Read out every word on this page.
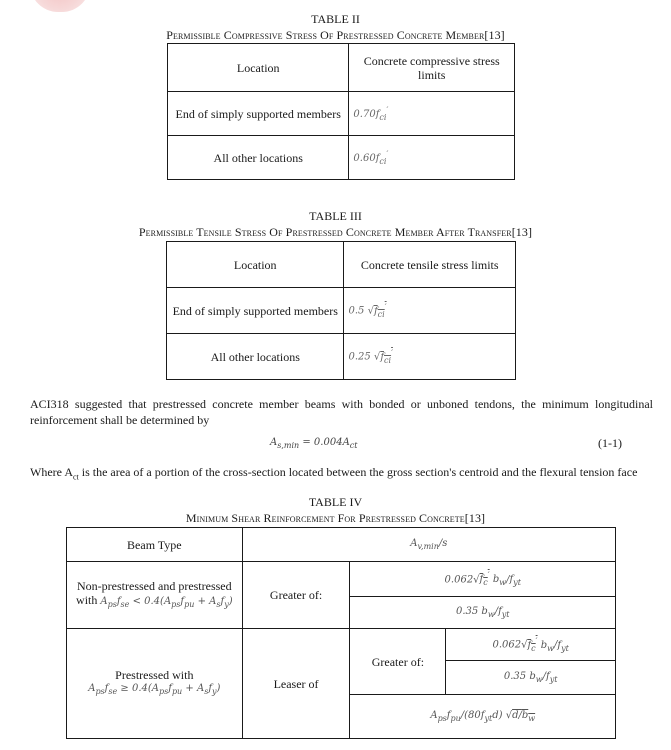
TABLE II
Permissible Compressive Stress Of Prestressed Concrete Member[13]
Location	Concrete compressive stress limits
End of simply supported members	$0.70f_{ci}'$
All other locations	$0.60f_{ci}'$
TABLE III
Permissible Tensile Stress Of Prestressed Concrete Member After Transfer[13]
Location	Concrete tensile stress limits
End of simply supported members	0.5 $√f_{ci}'$
All other locations	0.25 $√f_{ci}'$
ACI318 suggested that prestressed concrete member beams with bonded or unboned tendons, the minimum longitudinal reinforcement shall be determined by
$A_{s,min} = 0.004A_{ct}$	(1-1)
Where $A_{ct}$ is the area of a portion of the cross-section located between the gross section's centroid and the flexural tension face
TABLE IV
Minimum Shear Reinforcement For Prestressed Concrete[13]
Beam Type	$A_{v,min}/s$		

Non-prestressed and prestressed
with $A_{ps}f_{se} < 0.4(A_{ps}f_{pu} + A_sf_y)$	Greater of:	$0.062√f_c'$ $b_w/f_{yt}$
		0.35 $b_w/f_{yt}$

Prestressed with
$A_{ps}f_{se} \ge 0.4(A_{ps}f_{pu} + A_sf_y)$	Leaser of	Greater of:	$0.062√f_c'$ $b_w/f_{yt}$
			0.35 $b_w/f_{yt}$
		$A_{ps}f_{pu}/(80f_{yt}d)$ $√d/b_w$
